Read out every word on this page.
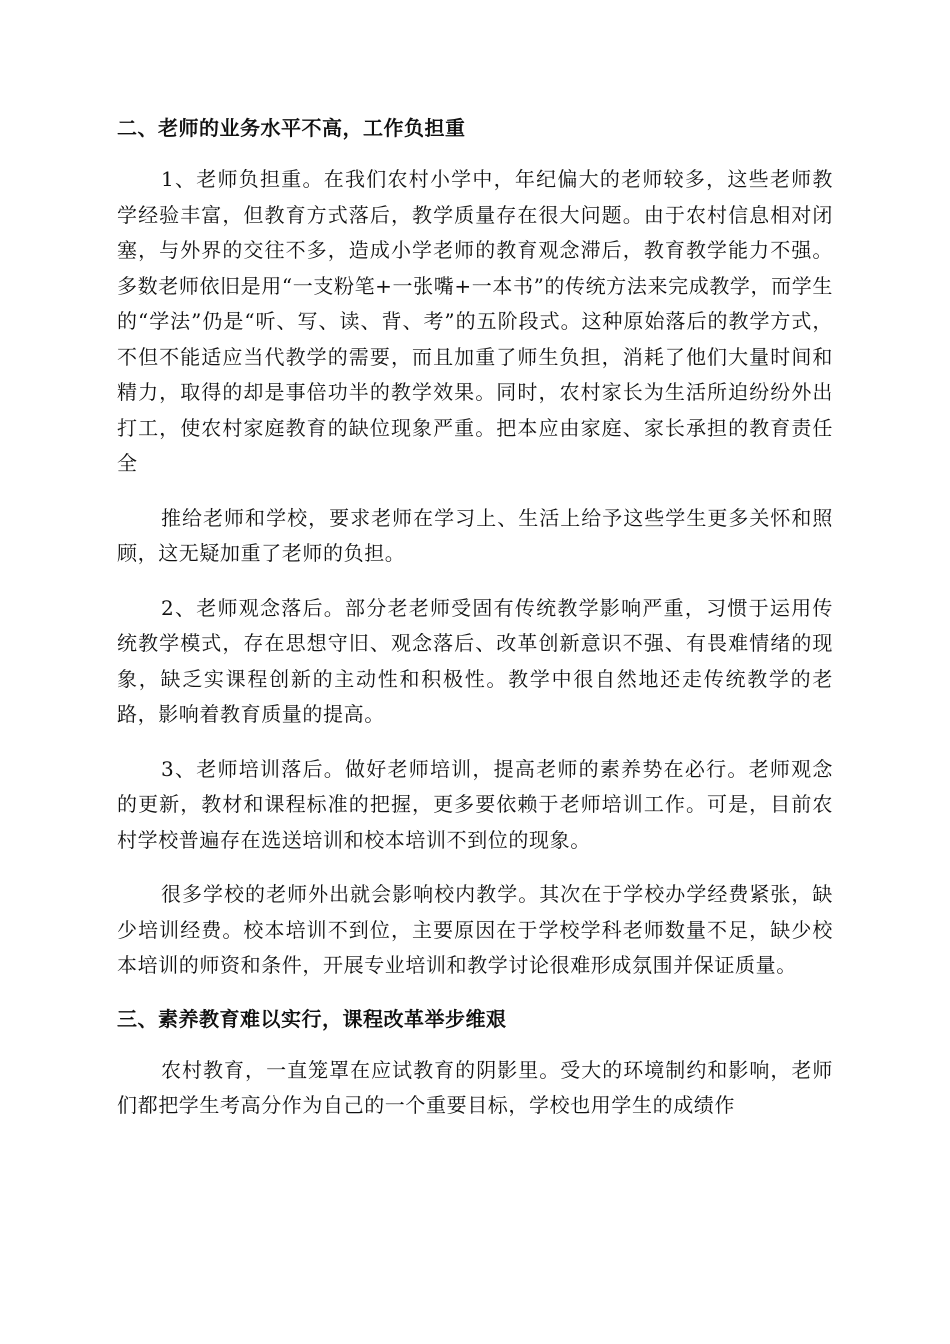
二、老师的业务水平不高，工作负担重

1、老师负担重。在我们农村小学中，年纪偏大的老师较多，这些老师教学经验丰富，但教育方式落后，教学质量存在很大问题。由于农村信息相对闭塞，与外界的交往不多，造成小学老师的教育观念滞后，教育教学能力不强。多数老师依旧是用“一支粉笔+一张嘴+一本书”的传统方法来完成教学，而学生的“学法”仍是“听、写、读、背、考”的五阶段式。这种原始落后的教学方式，不但不能适应当代教学的需要，而且加重了师生负担，消耗了他们大量时间和精力，取得的却是事倍功半的教学效果。同时，农村家长为生活所迫纷纷外出打工，使农村家庭教育的缺位现象严重。把本应由家庭、家长承担的教育责任全

推给老师和学校，要求老师在学习上、生活上给予这些学生更多关怀和照顾，这无疑加重了老师的负担。

2、老师观念落后。部分老老师受固有传统教学影响严重，习惯于运用传统教学模式，存在思想守旧、观念落后、改革创新意识不强、有畏难情绪的现象，缺乏实课程创新的主动性和积极性。教学中很自然地还走传统教学的老路，影响着教育质量的提高。

3、老师培训落后。做好老师培训，提高老师的素养势在必行。老师观念的更新，教材和课程标准的把握，更多要依赖于老师培训工作。可是，目前农村学校普遍存在选送培训和校本培训不到位的现象。

很多学校的老师外出就会影响校内教学。其次在于学校办学经费紧张，缺少培训经费。校本培训不到位，主要原因在于学校学科老师数量不足，缺少校本培训的师资和条件，开展专业培训和教学讨论很难形成氛围并保证质量。

三、素养教育难以实行，课程改革举步维艰

农村教育，一直笼罩在应试教育的阴影里。受大的环境制约和影响，老师们都把学生考高分作为自己的一个重要目标，学校也用学生的成绩作
